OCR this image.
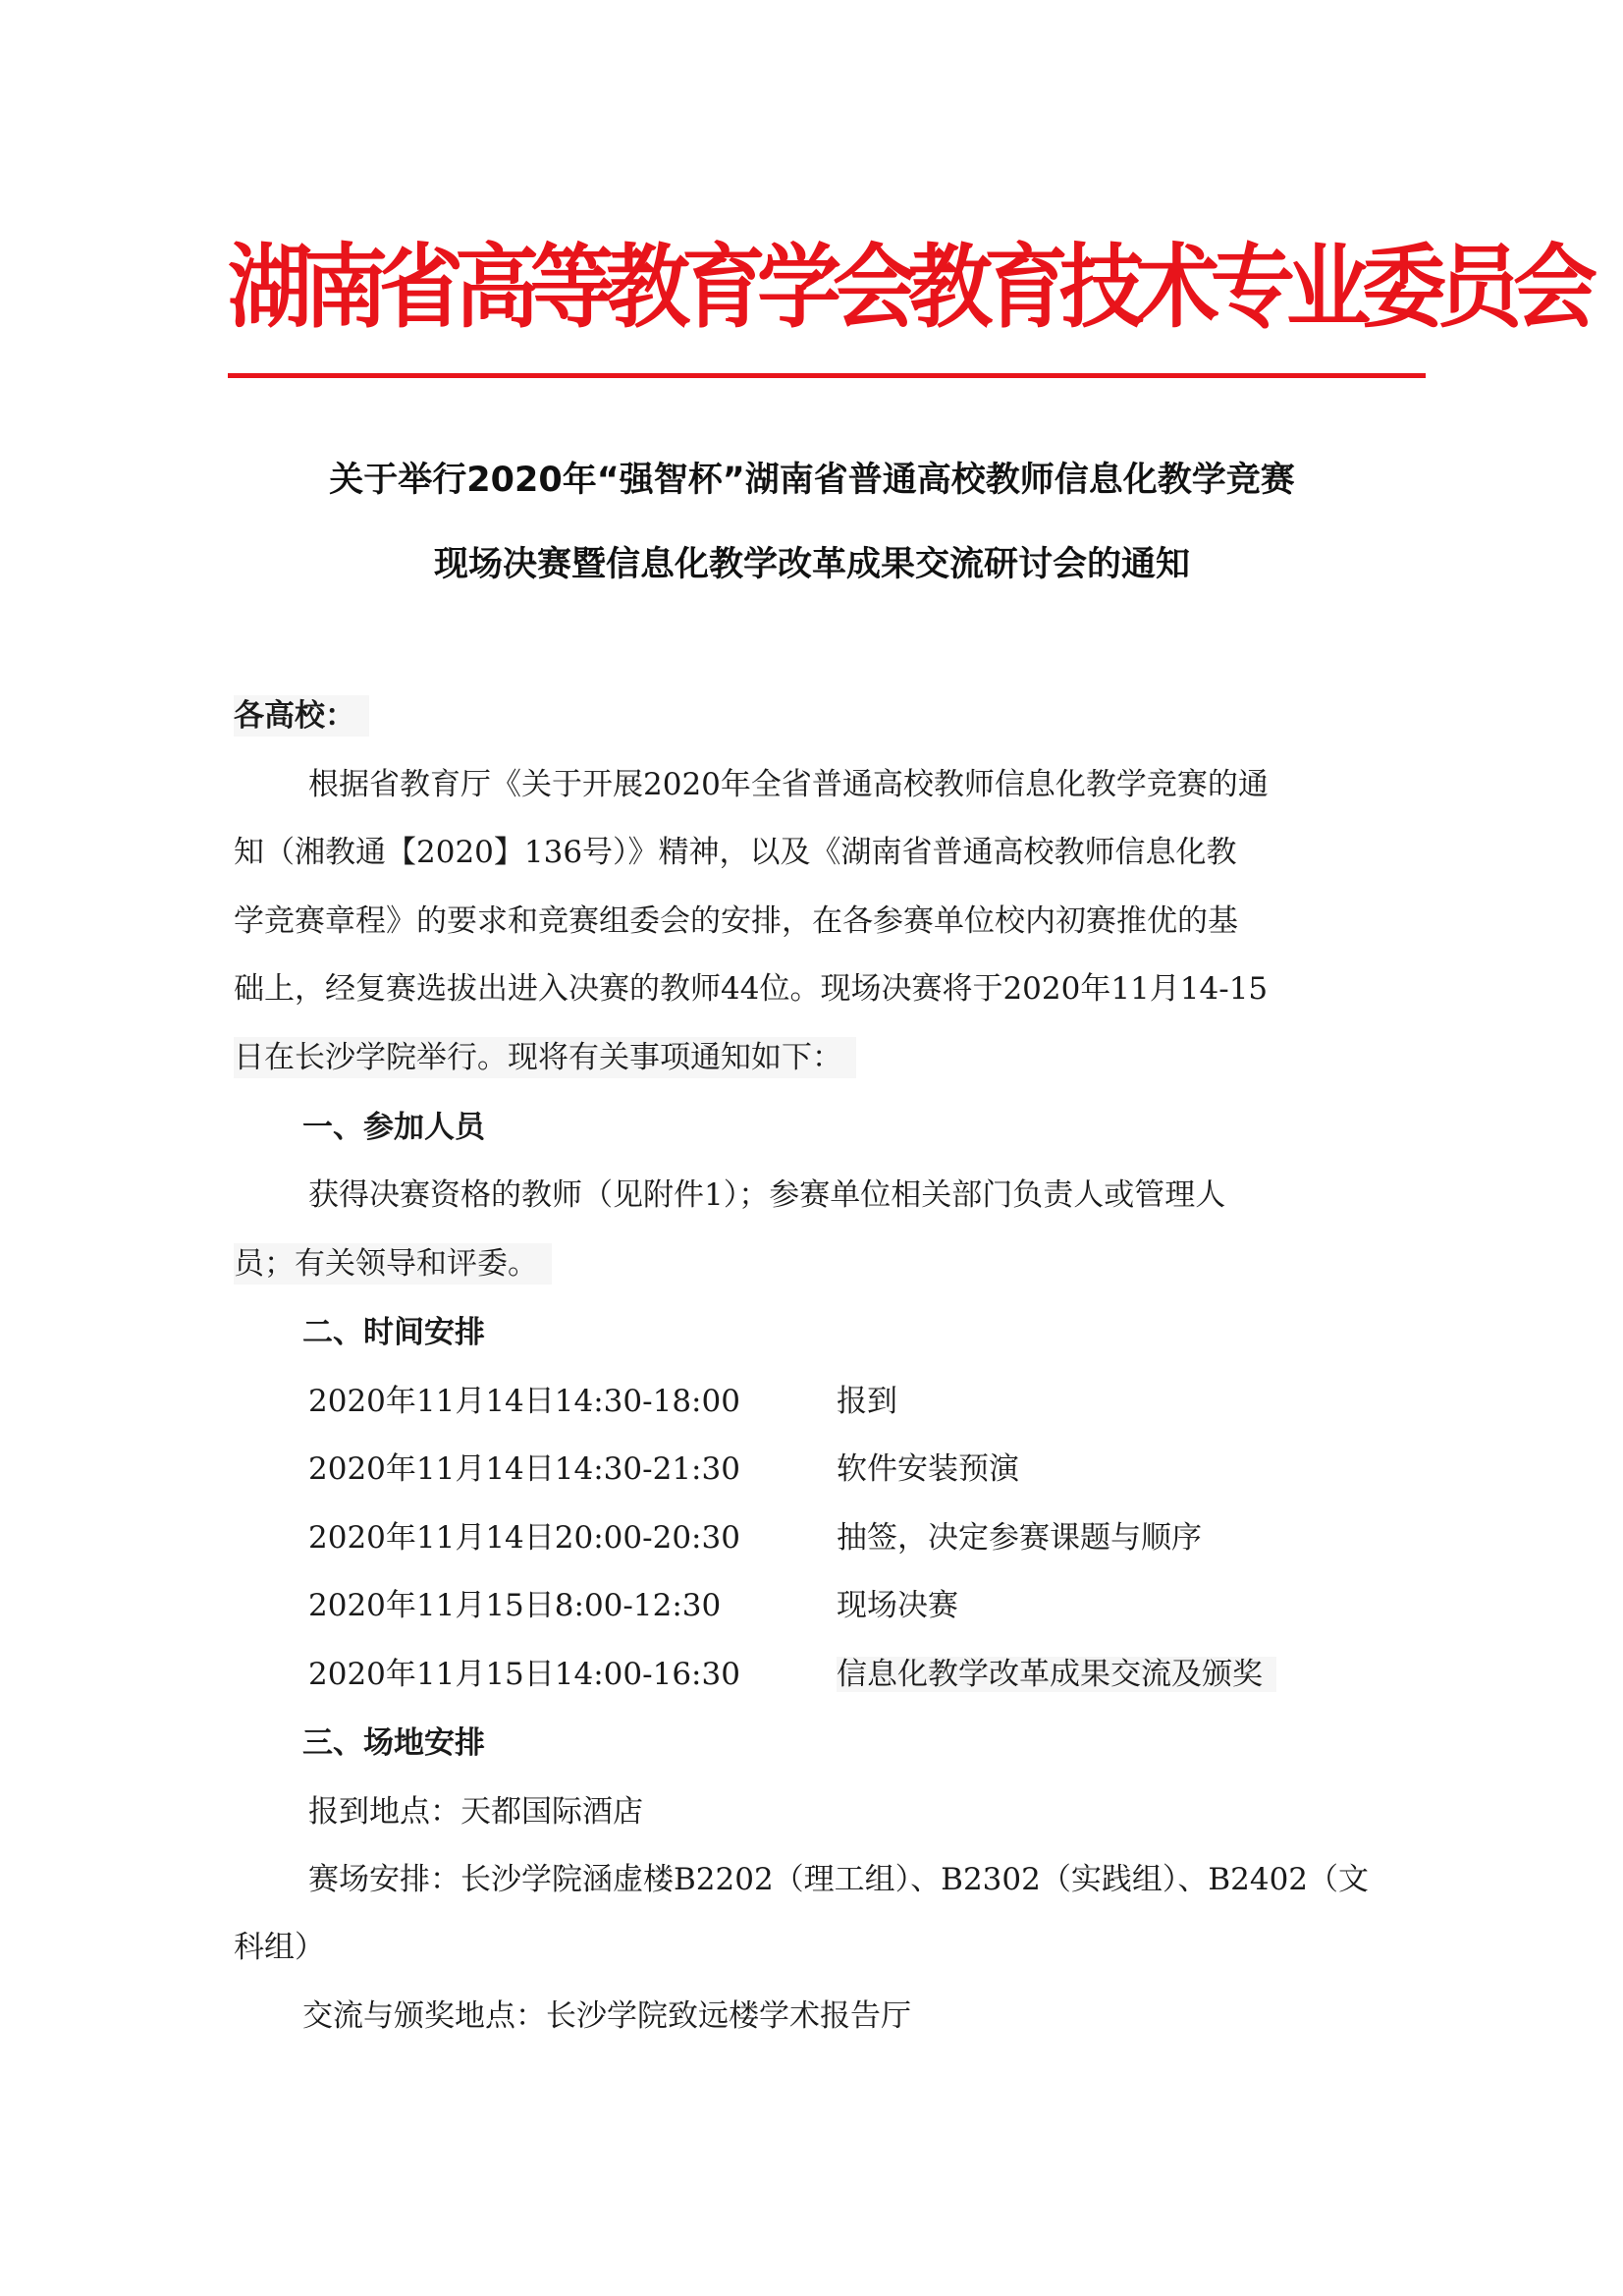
湖南省高等教育学会教育技术专业委员会
关于举行2020年“强智杯”湖南省普通高校教师信息化教学竞赛
现场决赛暨信息化教学改革成果交流研讨会的通知
各高校：
根据省教育厅《关于开展2020年全省普通高校教师信息化教学竞赛的通
知（湘教通【2020】136号）》精神，以及《湖南省普通高校教师信息化教
学竞赛章程》的要求和竞赛组委会的安排，在各参赛单位校内初赛推优的基
础上，经复赛选拔出进入决赛的教师44位。现场决赛将于2020年11月14-15
日在长沙学院举行。现将有关事项通知如下：
一、参加人员
获得决赛资格的教师（见附件1）；参赛单位相关部门负责人或管理人
员；有关领导和评委。
二、时间安排
2020年11月14日14:30-18:00	报到
2020年11月14日14:30-21:30	软件安装预演
2020年11月14日20:00-20:30	抽签，决定参赛课题与顺序
2020年11月15日8:00-12:30	现场决赛
2020年11月15日14:00-16:30	信息化教学改革成果交流及颁奖
三、场地安排
报到地点：天都国际酒店
赛场安排：长沙学院涵虚楼B2202（理工组）、B2302（实践组）、B2402（文
科组）
交流与颁奖地点：长沙学院致远楼学术报告厅
